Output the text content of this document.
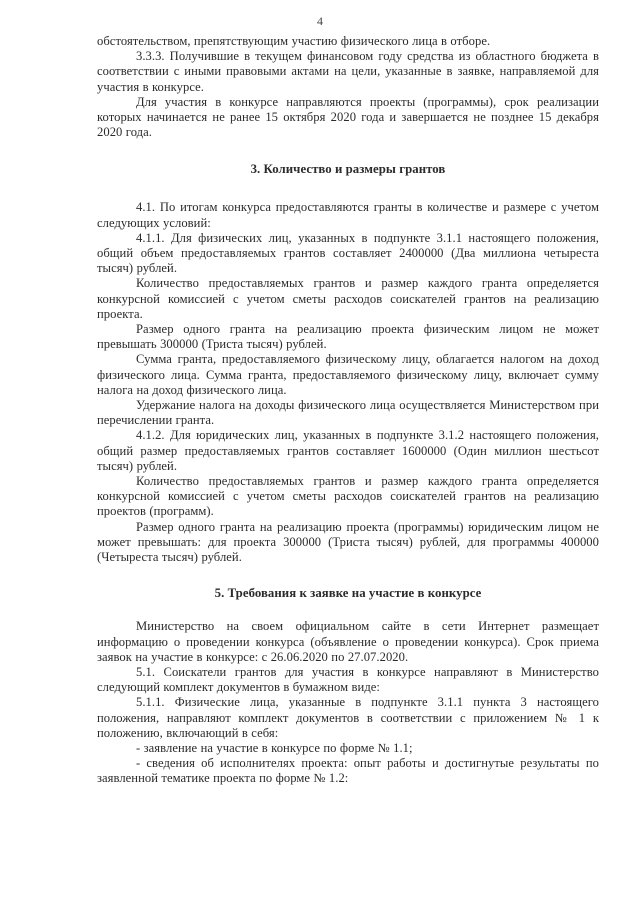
4

обстоятельством, препятствующим участию физического лица в отборе.

3.3.3. Получившие в текущем финансовом году средства из областного бюджета в соответствии с иными правовыми актами на цели, указанные в заявке, направляемой для участия в конкурсе.

Для участия в конкурсе направляются проекты (программы), срок реализации которых начинается не ранее 15 октября 2020 года и завершается не позднее 15 декабря 2020 года.

3. Количество и размеры грантов

4.1. По итогам конкурса предоставляются гранты в количестве и размере с учетом следующих условий:

4.1.1. Для физических лиц, указанных в подпункте 3.1.1 настоящего положения, общий объем предоставляемых грантов составляет 2400000 (Два миллиона четыреста тысяч) рублей.

Количество предоставляемых грантов и размер каждого гранта определяется конкурсной комиссией с учетом сметы расходов соискателей грантов на реализацию проекта.

Размер одного гранта на реализацию проекта физическим лицом не может превышать 300000 (Триста тысяч) рублей.

Сумма гранта, предоставляемого физическому лицу, облагается налогом на доход физического лица. Сумма гранта, предоставляемого физическому лицу, включает сумму налога на доход физического лица.

Удержание налога на доходы физического лица осуществляется Министерством при перечислении гранта.

4.1.2. Для юридических лиц, указанных в подпункте 3.1.2 настоящего положения, общий размер предоставляемых грантов составляет 1600000 (Один миллион шестьсот тысяч) рублей.

Количество предоставляемых грантов и размер каждого гранта определяется конкурсной комиссией с учетом сметы расходов соискателей грантов на реализацию проектов (программ).

Размер одного гранта на реализацию проекта (программы) юридическим лицом не может превышать: для проекта 300000 (Триста тысяч) рублей, для программы 400000 (Четыреста тысяч) рублей.

5. Требования к заявке на участие в конкурсе

Министерство на своем официальном сайте в сети Интернет размещает информацию о проведении конкурса (объявление о проведении конкурса). Срок приема заявок на участие в конкурсе: с 26.06.2020 по 27.07.2020.

5.1. Соискатели грантов для участия в конкурсе направляют в Министерство следующий комплект документов в бумажном виде:

5.1.1. Физические лица, указанные в подпункте 3.1.1 пункта 3 настоящего положения, направляют комплект документов в соответствии с приложением № 1 к положению, включающий в себя:

- заявление на участие в конкурсе по форме № 1.1;

- сведения об исполнителях проекта: опыт работы и достигнутые результаты по заявленной тематике проекта по форме № 1.2:
